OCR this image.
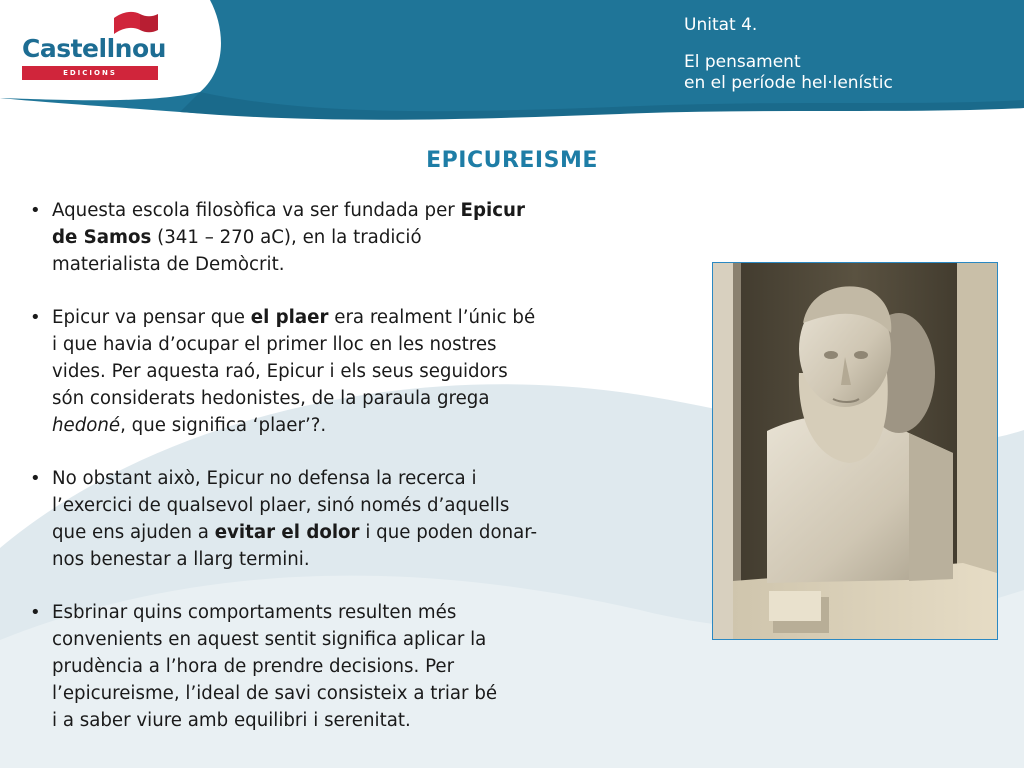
Castellnou
EDICIONS
Unitat 4.
El pensament
en el període hel·lenístic
EPICUREISME
• Aquesta escola filosòfica va ser fundada per Epicur
de Samos (341 – 270 aC), en la tradició
materialista de Demòcrit.
• Epicur va pensar que el plaer era realment l’únic bé
i que havia d’ocupar el primer lloc en les nostres
vides. Per aquesta raó, Epicur i els seus seguidors
són considerats hedonistes, de la paraula grega
hedoné, que significa ‘plaer’?.
• No obstant això, Epicur no defensa la recerca i
l’exercici de qualsevol plaer, sinó només d’aquells
que ens ajuden a evitar el dolor i que poden donar-
nos benestar a llarg termini.
• Esbrinar quins comportaments resulten més
convenients en aquest sentit significa aplicar la
prudència a l’hora de prendre decisions. Per
l’epicureisme, l’ideal de savi consisteix a triar bé
i a saber viure amb equilibri i serenitat.
